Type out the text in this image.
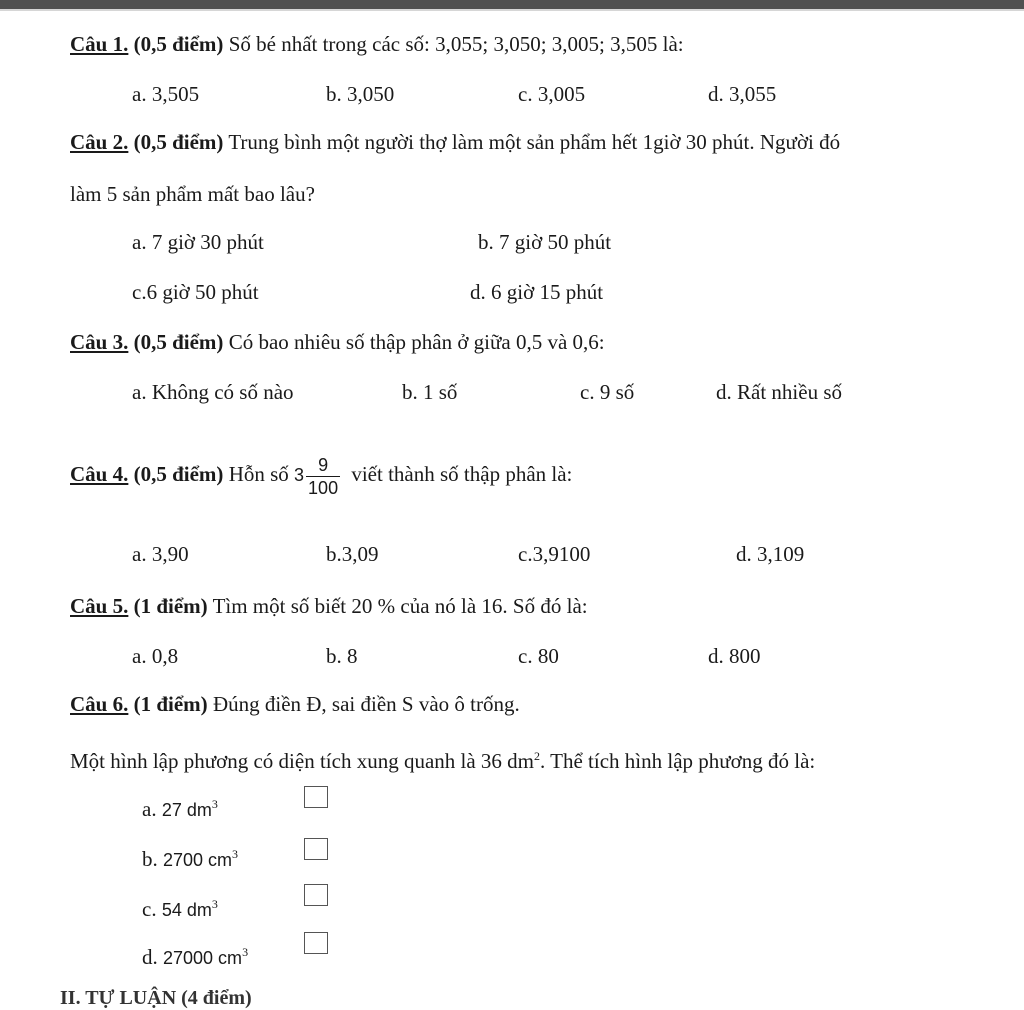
Câu 1. (0,5 điểm) Số bé nhất trong các số: 3,055; 3,050; 3,005; 3,505 là:
a. 3,505	b. 3,050	c. 3,005	d. 3,055
Câu 2. (0,5 điểm) Trung bình một người thợ làm một sản phẩm hết 1giờ 30 phút. Người đó
làm 5 sản phẩm mất bao lâu?
a. 7 giờ 30 phút	b. 7 giờ 50 phút
c.6 giờ 50 phút	d. 6 giờ 15 phút
Câu 3. (0,5 điểm) Có bao nhiêu số thập phân ở giữa 0,5 và 0,6:
a. Không có số nào	b. 1 số	c. 9 số	d. Rất nhiều số
Câu 4. (0,5 điểm) Hỗn số $3 \frac{9}{100}$ viết thành số thập phân là:
a. 3,90	b.3,09	c.3,9100	d. 3,109
Câu 5. (1 điểm) Tìm một số biết 20 % của nó là 16. Số đó là:
a. 0,8	b. 8	c. 80	d. 800
Câu 6. (1 điểm) Đúng điền Đ, sai điền S vào ô trống.
Một hình lập phương có diện tích xung quanh là 36 $dm^2$. Thể tích hình lập phương đó là:
a. 27 $dm^3$
b. 2700 $cm^3$
c. 54 $dm^3$
d. 27000 $cm^3$
II. TỰ LUẬN (4 điểm)
